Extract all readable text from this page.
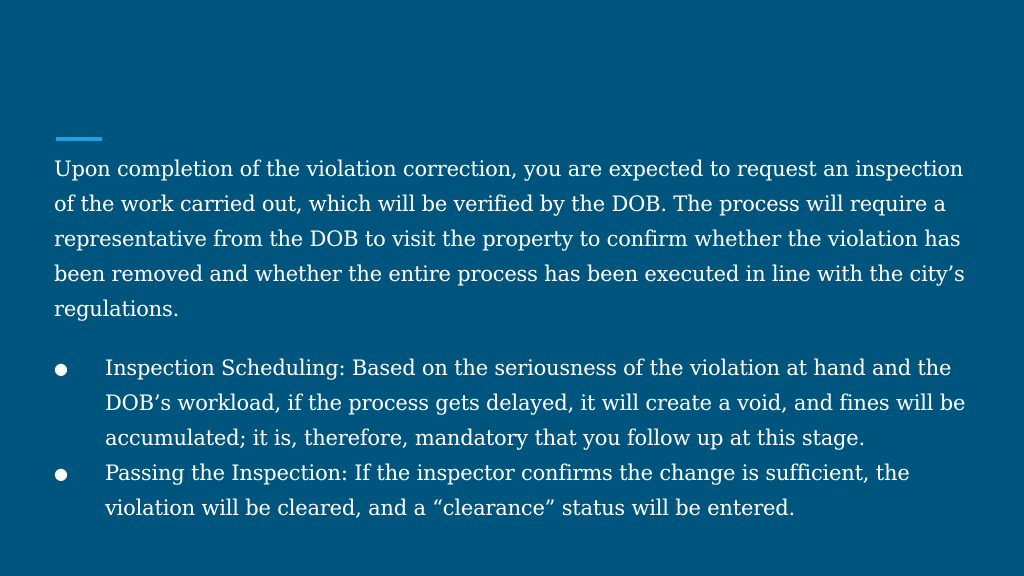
Upon completion of the violation correction, you are expected to request an inspection of the work carried out, which will be verified by the DOB. The process will require a representative from the DOB to visit the property to confirm whether the violation has been removed and whether the entire process has been executed in line with the city’s regulations.
●	Inspection Scheduling: Based on the seriousness of the violation at hand and the DOB’s workload, if the process gets delayed, it will create a void, and fines will be accumulated; it is, therefore, mandatory that you follow up at this stage.
●	Passing the Inspection: If the inspector confirms the change is sufficient, the violation will be cleared, and a “clearance” status will be entered.
